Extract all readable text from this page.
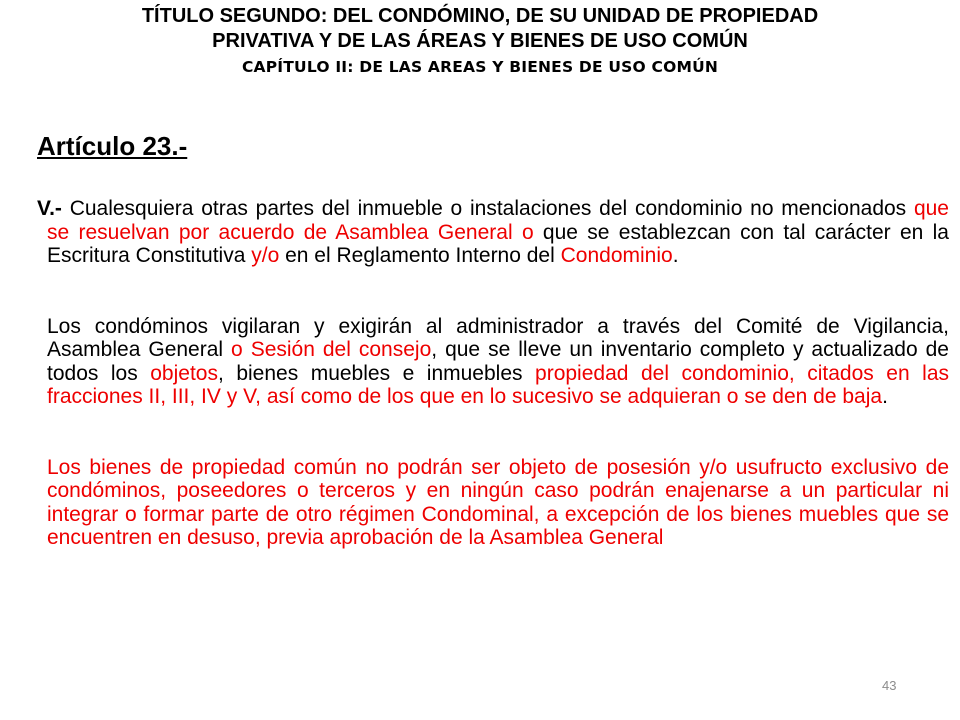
TÍTULO SEGUNDO: DEL CONDÓMINO, DE SU UNIDAD DE PROPIEDAD
PRIVATIVA Y DE LAS ÁREAS Y BIENES DE USO COMÚN
CAPÍTULO II: DE LAS AREAS Y BIENES DE USO COMÚN
Artículo 23.-

V.- Cualesquiera otras partes del inmueble o instalaciones del condominio no mencionados que se resuelvan por acuerdo de Asamblea General o que se establezcan con tal carácter en la Escritura Constitutiva y/o en el Reglamento Interno del Condominio.

Los condóminos vigilaran y exigirán al administrador a través del Comité de Vigilancia, Asamblea General o Sesión del consejo, que se lleve un inventario completo y actualizado de todos los objetos, bienes muebles e inmuebles propiedad del condominio, citados en las fracciones II, III, IV y V, así como de los que en lo sucesivo se adquieran o se den de baja.

Los bienes de propiedad común no podrán ser objeto de posesión y/o usufructo exclusivo de condóminos, poseedores o terceros y en ningún caso podrán enajenarse a un particular ni integrar o formar parte de otro régimen Condominal, a excepción de los bienes muebles que se encuentren en desuso, previa aprobación de la Asamblea General

43
